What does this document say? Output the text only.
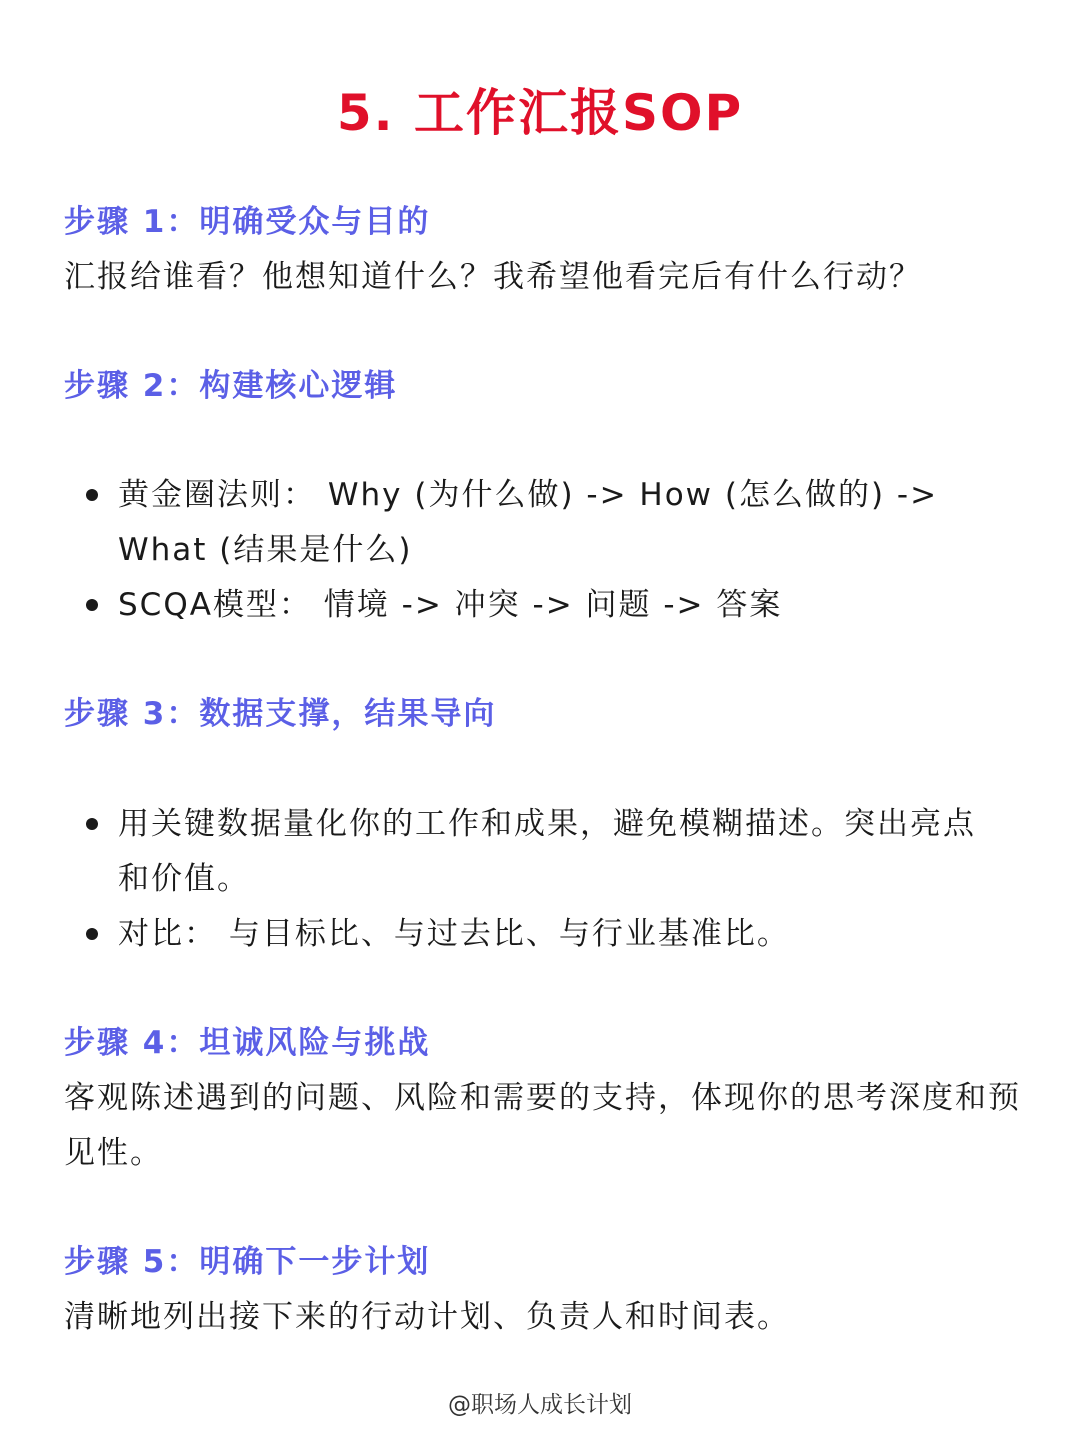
5. 工作汇报SOP
步骤 1：明确受众与目的
汇报给谁看？他想知道什么？我希望他看完后有什么行动？
步骤 2：构建核心逻辑
黄金圈法则： Why (为什么做) -> How (怎么做的) -> What (结果是什么)
SCQA模型： 情境 -> 冲突 -> 问题 -> 答案
步骤 3：数据支撑，结果导向
用关键数据量化你的工作和成果，避免模糊描述。突出亮点和价值。
对比： 与目标比、与过去比、与行业基准比。
步骤 4：坦诚风险与挑战
客观陈述遇到的问题、风险和需要的支持，体现你的思考深度和预见性。
步骤 5：明确下一步计划
清晰地列出接下来的行动计划、负责人和时间表。
@职场人成长计划
